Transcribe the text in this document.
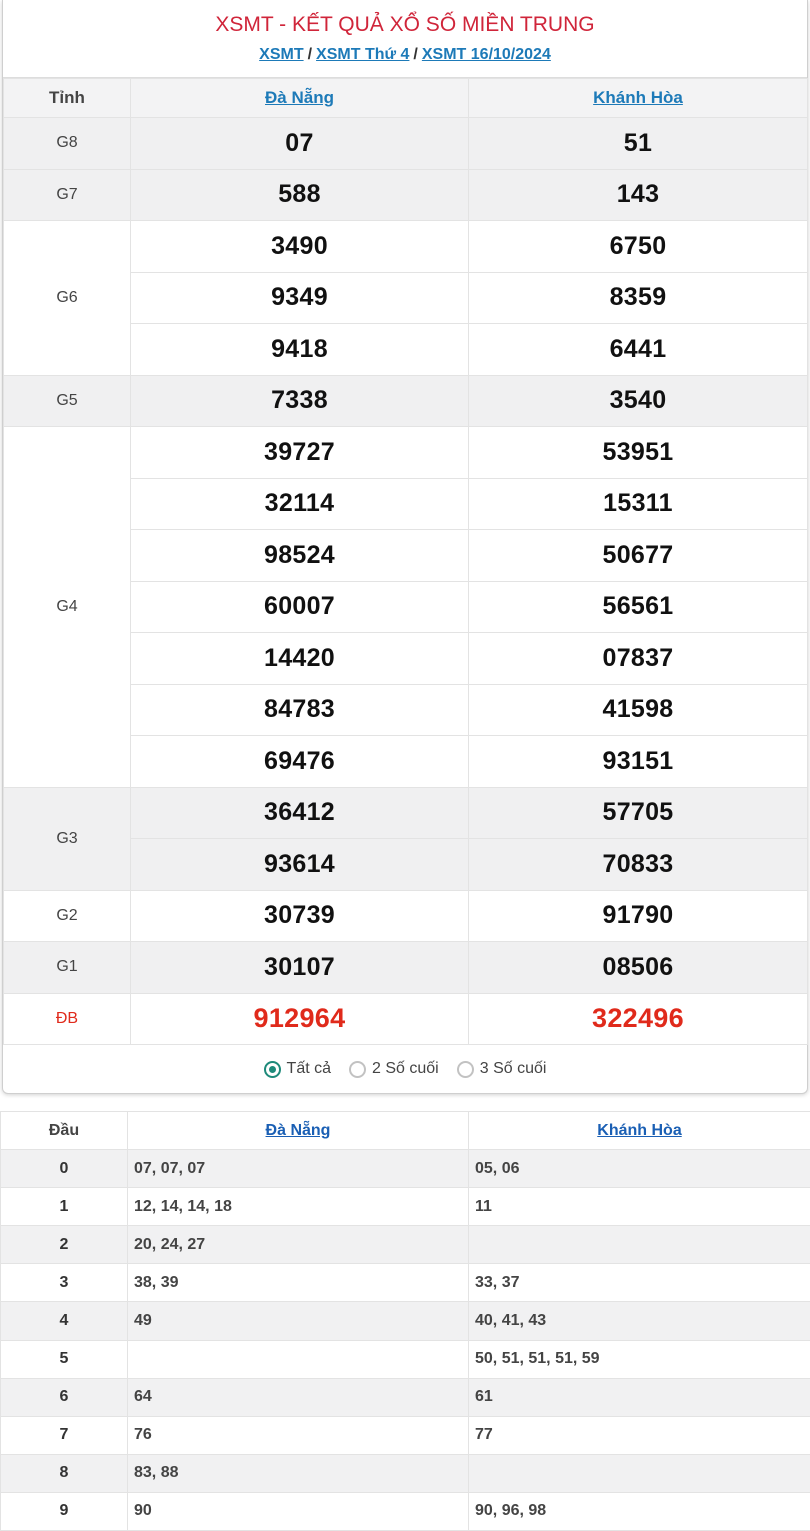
XSMT - KẾT QUẢ XỔ SỐ MIỀN TRUNG
XSMT / XSMT Thứ 4 / XSMT 16/10/2024
Tỉnh	Đà Nẵng	Khánh Hòa
G8	07	51
G7	588	143
G6	3490	6750
	9349	8359
	9418	6441
G5	7338	3540
G4	39727	53951
	32114	15311
	98524	50677
	60007	56561
	14420	07837
	84783	41598
	69476	93151
G3	36412	57705
	93614	70833
G2	30739	91790
G1	30107	08506
ĐB	912964	322496
Tất cả	2 Số cuối	3 Số cuối
Đầu	Đà Nẵng	Khánh Hòa
0	07, 07, 07	05, 06
1	12, 14, 14, 18	11
2	20, 24, 27	
3	38, 39	33, 37
4	49	40, 41, 43
5		50, 51, 51, 51, 59
6	64	61
7	76	77
8	83, 88	
9	90	90, 96, 98
